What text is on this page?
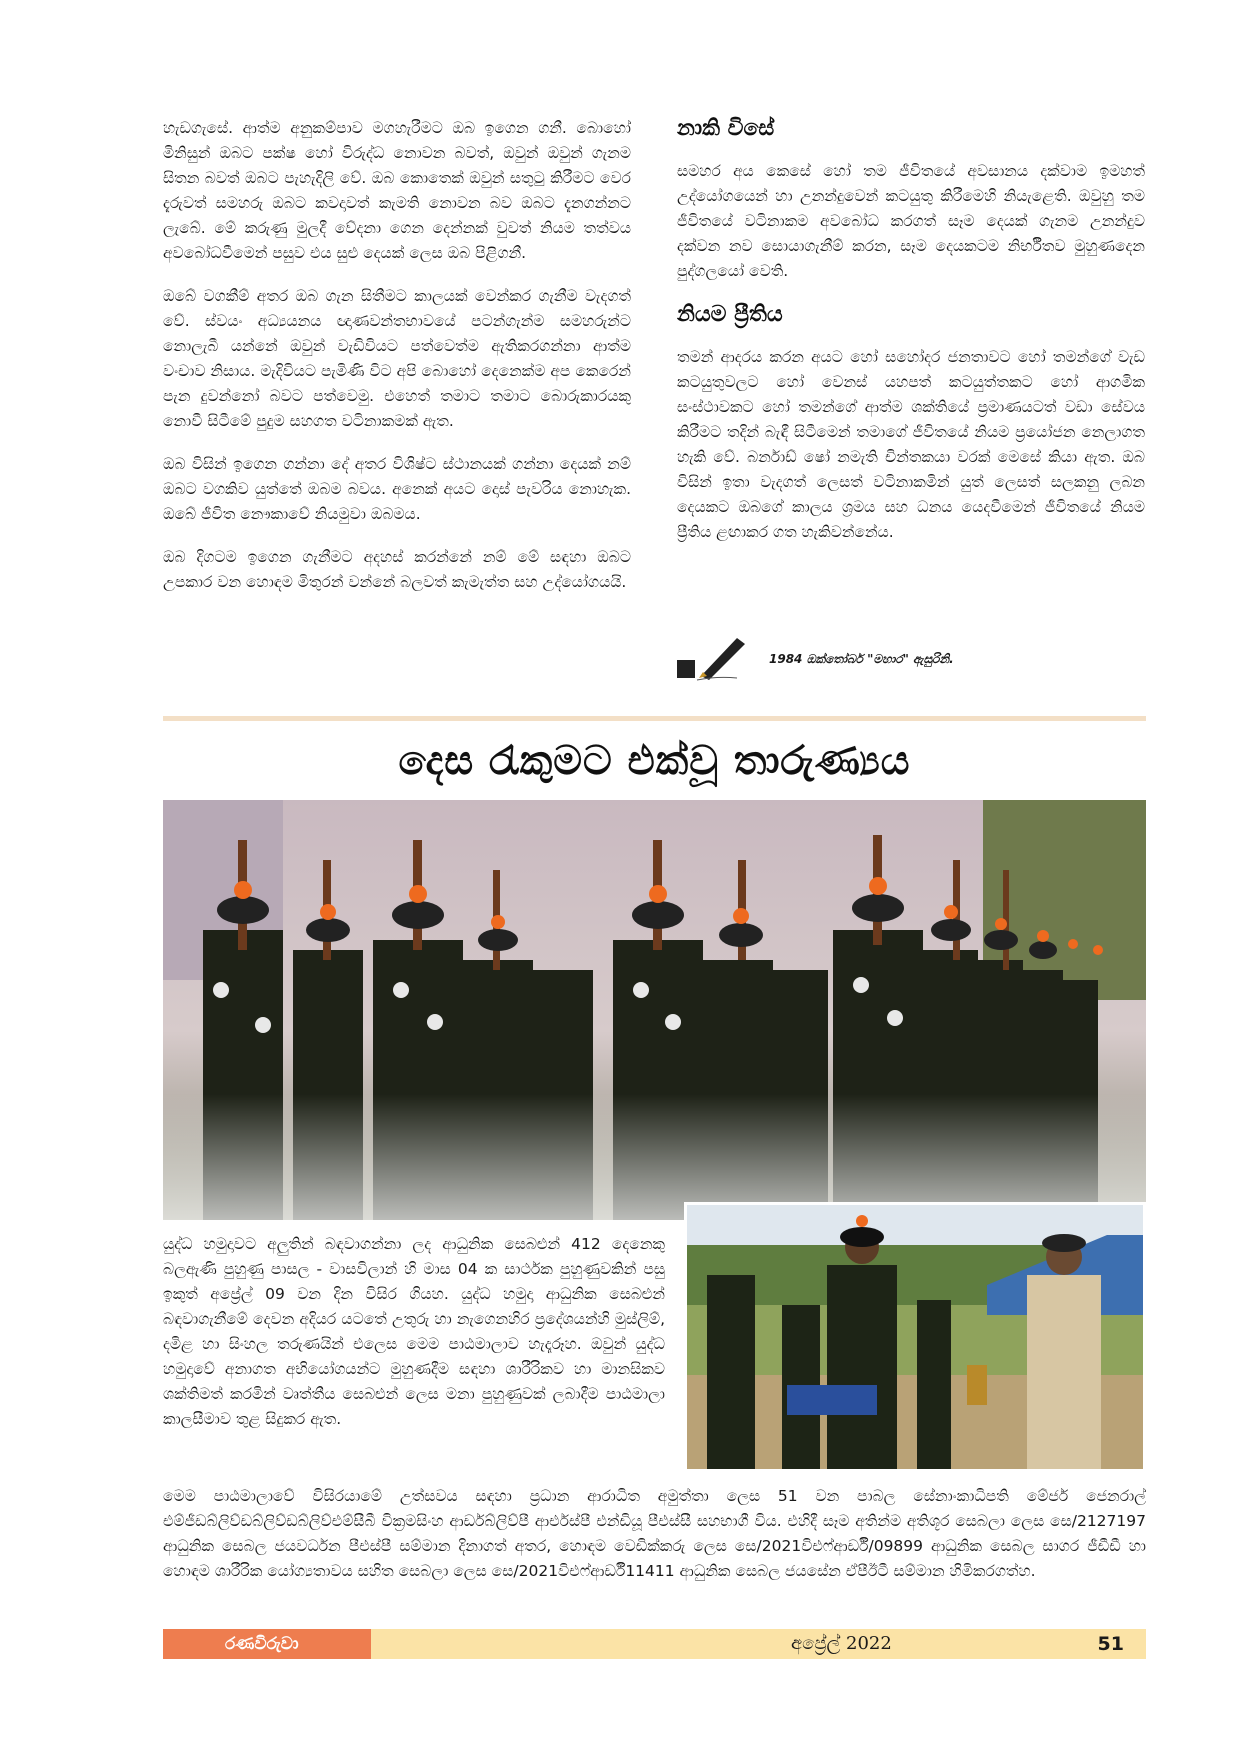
හැඩගැසේ. ආත්ම අනුකම්පාව මගහැරීමට ඔබ ඉගෙන ගනී. බොහෝ මිනිසුන් ඔබට පක්ෂ හෝ විරුද්ධ නොවන බවත්, ඔවුන් ඔවුන් ගැනම සිතන බවත් ඔබට පැහැදිලි වේ. ඔබ කොතෙක් ඔවුන් සතුටු කිරීමට වෙර දැරුවත් සමහරු ඔබට කවදාවත් කැමති නොවන බව ඔබට දැනගන්නට ලැබේ. මේ කරුණු මුලදී වේදනා ගෙන දෙන්නක් වුවත් නියම තත්වය අවබෝධවීමෙන් පසුව එය සුළු දෙයක් ලෙස ඔබ පිළිගනී.

ඔබේ වගකීම් අතර ඔබ ගැන සිතීමට කාලයක් වෙන්කර ගැනීම වැදගත් වේ. ස්වයං අධ්‍යයනය ඥාණවන්තභාවයේ පටන්ගැන්ම සමහරුන්ට නොලැබී යන්නේ ඔවුන් වැඩිවියට පත්වෙත්ම ඇතිකරගන්නා ආත්ම වංචාව නිසාය. මැදිවියට පැමිණි විට අපි බොහෝ දෙනෙක්ම අප කෙරෙන් පැන දුවන්නෝ බවට පත්වෙමු. එහෙත් තමාට තමාට බොරුකාරයකු නොවී සිටීමේ පුදුම සහගත වටිනාකමක් ඇත.

ඔබ විසින් ඉගෙන ගන්නා දේ අතර විශිෂ්ට ස්ථානයක් ගන්නා දෙයක් නම් ඔබට වගකිව යුත්තේ ඔබම බවය. අනෙක් අයට දොස් පැවරිය නොහැක. ඔබේ ජීවිත නෞකාවේ නියමුවා ඔබමය.

ඔබ දිගටම ඉගෙන ගැනීමට අදහස් කරන්නේ නම් මේ සඳහා ඔබට උපකාර වන හොඳම මිතුරන් වන්නේ බලවත් කැමැත්ත සහ උද්යෝගයයි.

නාකි විසේ

සමහර අය කෙසේ හෝ තම ජීවිතයේ අවසානය දක්වාම ඉමහත් උද්යෝගයෙන් හා උනන්දුවෙන් කටයුතු කිරීමෙහි නියැළෙති. ඔවුහු තම ජීවිතයේ වටිනාකම අවබෝධ කරගත් සෑම දෙයක් ගැනම උනන්දුව දක්වන නව සොයාගැනීම් කරන, සෑම දෙයකටම නිර්භීතව මුහුණදෙන පුද්ගලයෝ වෙති.

නියම ප්‍රීතිය

තමන් ආදරය කරන අයට හෝ සහෝදර ජනතාවට හෝ තමන්ගේ වැඩ කටයුතුවලට හෝ වෙනස් යහපත් කටයුත්තකට හෝ ආගමික සංස්ථාවකට හෝ තමන්ගේ ආත්ම ශක්තියේ ප්‍රමාණයටත් වඩා සේවය කිරීමට තදින් බැඳී සිටීමෙන් තමාගේ ජීවිතයේ නියම ප්‍රයෝජන නෙලාගත හැකි වේ. බර්නාඩ් ෂෝ නමැති චින්තකයා වරක් මෙසේ කියා ඇත. ඔබ විසින් ඉතා වැදගත් ලෙසත් වටිනාකමින් යුත් ලෙසත් සලකනු ලබන දෙයකට ඔබගේ කාලය ශ්‍රමය සහ ධනය යෙදවීමෙන් ජීවිතයේ නියම ප්‍රීතිය ළඟාකර ගත හැකිවන්නේය.

1984 ඔක්තෝබර් "මහාර" ඇසුරිනි.
දෙස රැකුමට එක්වූ තාරුණ්‍යය
යුද්ධ හමුදාවට අලුතින් බඳවාගන්නා ලද ආධුනික සෙබළුන් 412 දෙනෙකු බලඇණි පුහුණු පාසල - වාසවිලාන් හි මාස 04 ක සාර්ථක පුහුණුවකින් පසු ඉකුත් අප්‍රේල් 09 වන දින විසිර ගියහ. යුද්ධ හමුදා ආධුනික සෙබළුන් බඳවාගැනීමේ දෙවන අදියර යටතේ උතුරු හා නැගෙනහිර ප්‍රදේශයන්හි මුස්ලිම්, දමිළ හා සිංහල තරුණයින් එලෙස මෙම පාඨමාලාව හැදෑරූහ. ඔවුන් යුද්ධ හමුදාවේ අනාගත අභියෝගයන්ට මුහුණදීම සඳහා ශාරීරිකව හා මානසිකව ශක්තිමත් කරමින් වෘත්තීය සෙබළුන් ලෙස මනා පුහුණුවක් ලබාදීම පාඨමාලා කාලසීමාව තුළ සිදුකර ඇත.
මෙම පාඨමාලාවේ විසිරයාමේ උත්සවය සඳහා ප්‍රධාන ආරාධිත අමුත්තා ලෙස 51 වන පාබල සේනාංකාධිපති මේජර් ජෙනරාල් එම්ජීඩබ්ලිව්ඩබ්ලිව්ඩබ්ලිව්එම්සීබී වික්‍රමසිංහ ආර්ඩබ්ලිව්පී ආර්එස්පී එන්ඩියූ පීඑස්සී සහභාගී විය. එහිදී සෑම අතින්ම අතිශූර සෙබලා ලෙස සෙ/2127197 ආධුනික සෙබල ජයවර්ධන පීඑස්පී සම්මාන දිනාගත් අතර, හොඳම වෙඩික්කරු ලෙස සෙ/2021විඑෆ්ආර්ඩී/09899 ආධුනික සෙබල සාගර ජීඩීඩී හා හොඳම ශාරීරික යෝග්‍යතාවය සහිත සෙබලා ලෙස සෙ/2021විඑෆ්ආර්ඩී11411 ආධුනික සෙබල ජයසේන ඒපීඊටී සම්මාන හිමිකරගත්හ.
රණවිරුවා	අප්‍රේල් 2022	51
